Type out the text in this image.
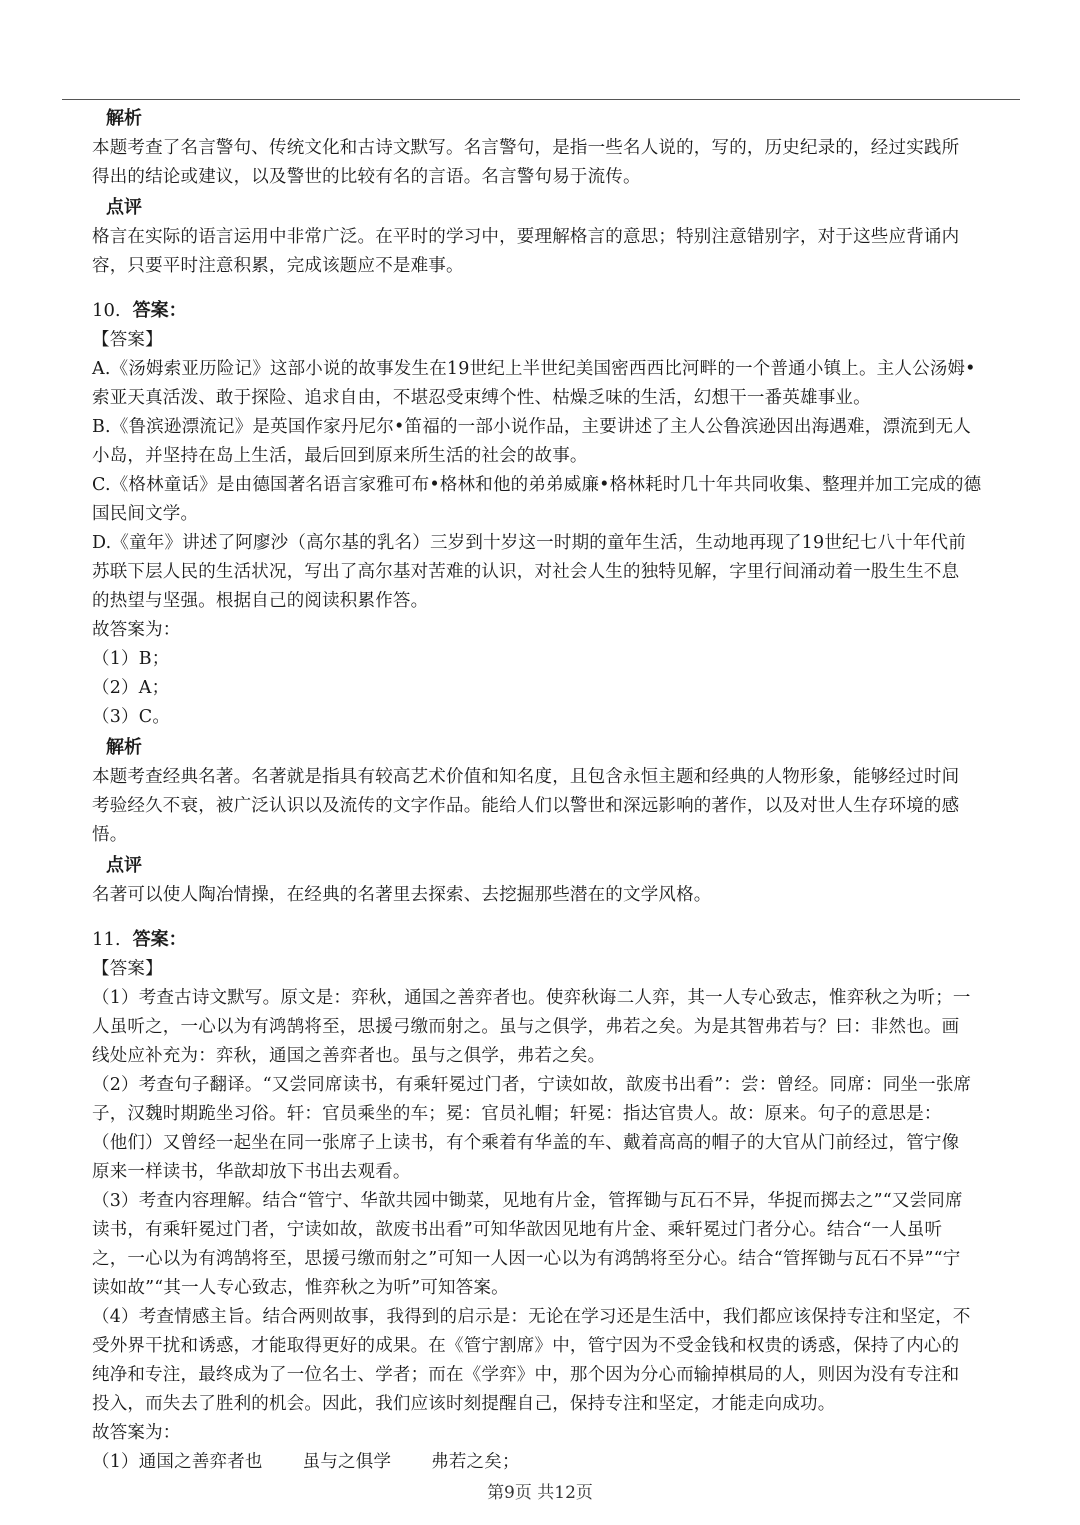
解析
本题考查了名言警句、传统文化和古诗文默写。名言警句，是指一些名人说的，写的，历史纪录的，经过实践所
得出的结论或建议，以及警世的比较有名的言语。名言警句易于流传。
点评
格言在实际的语言运用中非常广泛。在平时的学习中，要理解格言的意思；特别注意错别字，对于这些应背诵内
容，只要平时注意积累，完成该题应不是难事。
10. 答案：
【答案】
A.《汤姆索亚历险记》这部小说的故事发生在19世纪上半世纪美国密西西比河畔的一个普通小镇上。主人公汤姆•
索亚天真活泼、敢于探险、追求自由，不堪忍受束缚个性、枯燥乏味的生活，幻想干一番英雄事业。
B.《鲁滨逊漂流记》是英国作家丹尼尔•笛福的一部小说作品，主要讲述了主人公鲁滨逊因出海遇难，漂流到无人
小岛，并坚持在岛上生活，最后回到原来所生活的社会的故事。
C.《格林童话》是由德国著名语言家雅可布•格林和他的弟弟威廉•格林耗时几十年共同收集、整理并加工完成的德
国民间文学。
D.《童年》讲述了阿廖沙（高尔基的乳名）三岁到十岁这一时期的童年生活，生动地再现了19世纪七八十年代前
苏联下层人民的生活状况，写出了高尔基对苦难的认识，对社会人生的独特见解，字里行间涌动着一股生生不息
的热望与坚强。根据自己的阅读积累作答。
故答案为：
（1）B；
（2）A；
（3）C。
解析
本题考查经典名著。名著就是指具有较高艺术价值和知名度，且包含永恒主题和经典的人物形象，能够经过时间
考验经久不衰，被广泛认识以及流传的文字作品。能给人们以警世和深远影响的著作，以及对世人生存环境的感
悟。
点评
名著可以使人陶冶情操，在经典的名著里去探索、去挖掘那些潜在的文学风格。
11. 答案：
【答案】
（1）考查古诗文默写。原文是：弈秋，通国之善弈者也。使弈秋诲二人弈，其一人专心致志，惟弈秋之为听；一
人虽听之，一心以为有鸿鹄将至，思援弓缴而射之。虽与之俱学，弗若之矣。为是其智弗若与？曰：非然也。画
线处应补充为：弈秋，通国之善弈者也。虽与之俱学，弗若之矣。
（2）考查句子翻译。“又尝同席读书，有乘轩冕过门者，宁读如故，歆废书出看”：尝：曾经。同席：同坐一张席
子，汉魏时期跪坐习俗。轩：官员乘坐的车；冕：官员礼帽；轩冕：指达官贵人。故：原来。句子的意思是：
（他们）又曾经一起坐在同一张席子上读书，有个乘着有华盖的车、戴着高高的帽子的大官从门前经过，管宁像
原来一样读书，华歆却放下书出去观看。
（3）考查内容理解。结合“管宁、华歆共园中锄菜，见地有片金，管挥锄与瓦石不异，华捉而掷去之”“又尝同席
读书，有乘轩冕过门者，宁读如故，歆废书出看”可知华歆因见地有片金、乘轩冕过门者分心。结合“一人虽听
之，一心以为有鸿鹄将至，思援弓缴而射之”可知一人因一心以为有鸿鹄将至分心。结合“管挥锄与瓦石不异”“宁
读如故”“其一人专心致志，惟弈秋之为听”可知答案。
（4）考查情感主旨。结合两则故事，我得到的启示是：无论在学习还是生活中，我们都应该保持专注和坚定，不
受外界干扰和诱惑，才能取得更好的成果。在《管宁割席》中，管宁因为不受金钱和权贵的诱惑，保持了内心的
纯净和专注，最终成为了一位名士、学者；而在《学弈》中，那个因为分心而输掉棋局的人，则因为没有专注和
投入，而失去了胜利的机会。因此，我们应该时刻提醒自己，保持专注和坚定，才能走向成功。
故答案为：
（1）通国之善弈者也 虽与之俱学 弗若之矣；
第9页 共12页
